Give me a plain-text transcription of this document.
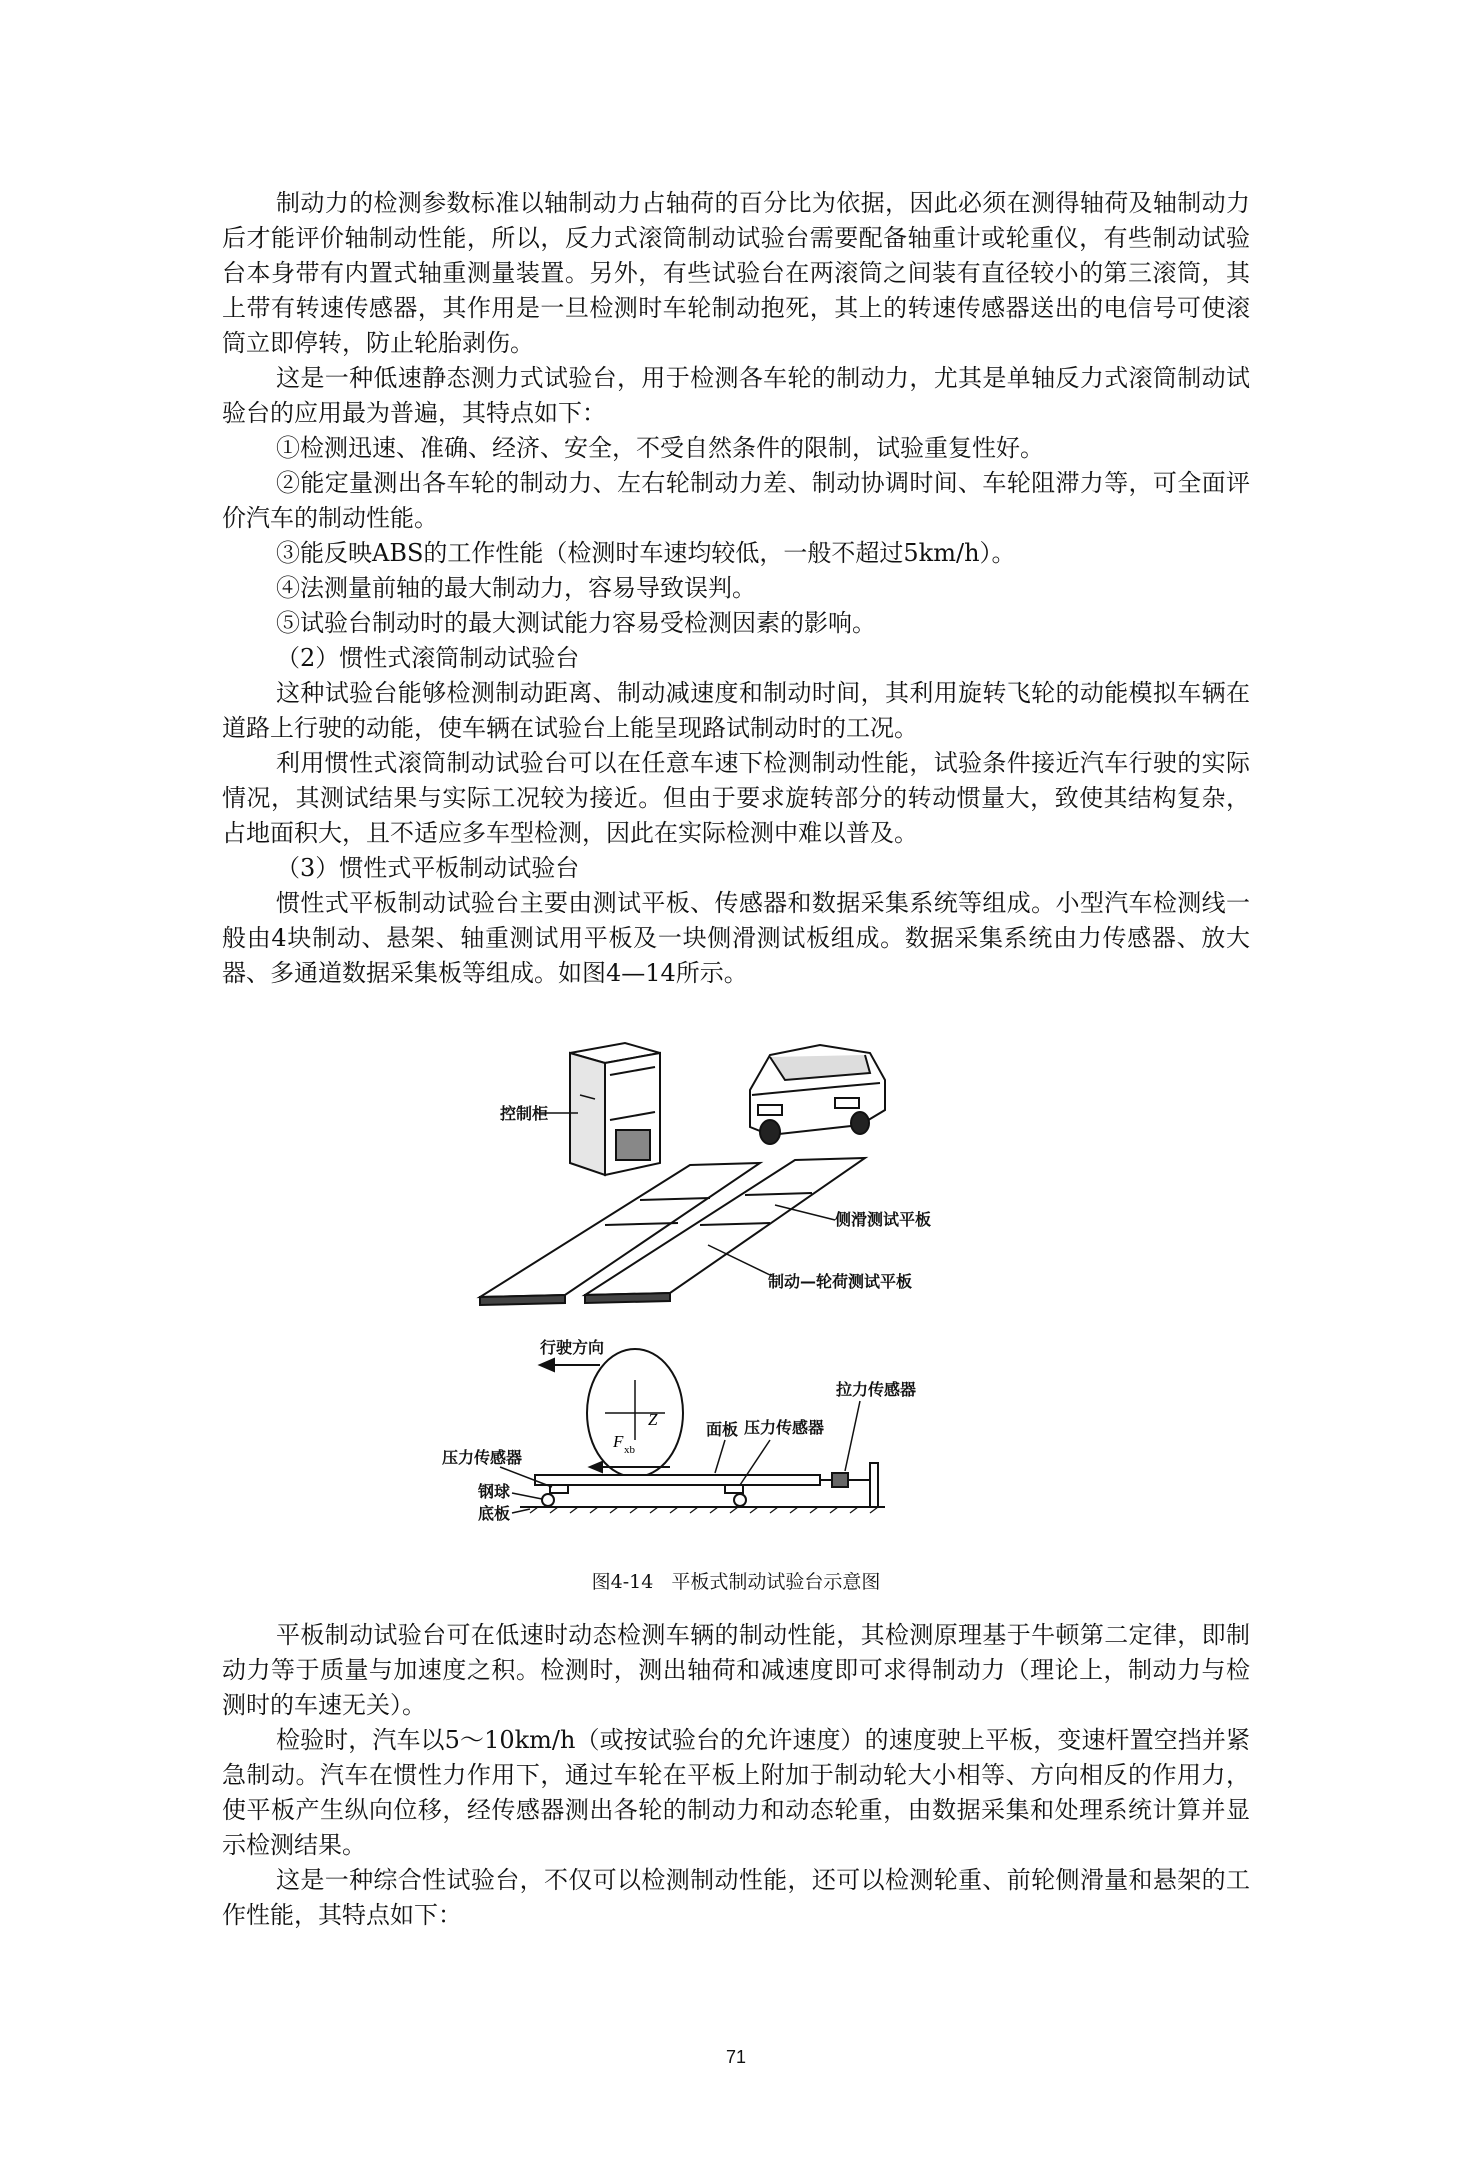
制动力的检测参数标准以轴制动力占轴荷的百分比为依据，因此必须在测得轴荷及轴制动力后才能评价轴制动性能，所以，反力式滚筒制动试验台需要配备轴重计或轮重仪，有些制动试验台本身带有内置式轴重测量装置。另外，有些试验台在两滚筒之间装有直径较小的第三滚筒，其上带有转速传感器，其作用是一旦检测时车轮制动抱死，其上的转速传感器送出的电信号可使滚筒立即停转，防止轮胎剥伤。

这是一种低速静态测力式试验台，用于检测各车轮的制动力，尤其是单轴反力式滚筒制动试验台的应用最为普遍，其特点如下：

①检测迅速、准确、经济、安全，不受自然条件的限制，试验重复性好。

②能定量测出各车轮的制动力、左右轮制动力差、制动协调时间、车轮阻滞力等，可全面评价汽车的制动性能。

③能反映ABS的工作性能（检测时车速均较低，一般不超过5km/h）。

④法测量前轴的最大制动力，容易导致误判。

⑤试验台制动时的最大测试能力容易受检测因素的影响。

（2）惯性式滚筒制动试验台

这种试验台能够检测制动距离、制动减速度和制动时间，其利用旋转飞轮的动能模拟车辆在道路上行驶的动能，使车辆在试验台上能呈现路试制动时的工况。

利用惯性式滚筒制动试验台可以在任意车速下检测制动性能，试验条件接近汽车行驶的实际情况，其测试结果与实际工况较为接近。但由于要求旋转部分的转动惯量大，致使其结构复杂，占地面积大，且不适应多车型检测，因此在实际检测中难以普及。

（3）惯性式平板制动试验台

惯性式平板制动试验台主要由测试平板、传感器和数据采集系统等组成。小型汽车检测线一般由4块制动、悬架、轴重测试用平板及一块侧滑测试板组成。数据采集系统由力传感器、放大器、多通道数据采集板等组成。如图4—14所示。

控制柜
侧滑测试平板
制动—轮荷测试平板
行驶方向
Z
F xb
拉力传感器
面板 压力传感器
压力传感器
钢球
底板
图4-14 平板式制动试验台示意图

平板制动试验台可在低速时动态检测车辆的制动性能，其检测原理基于牛顿第二定律，即制动力等于质量与加速度之积。检测时，测出轴荷和减速度即可求得制动力（理论上，制动力与检测时的车速无关）。

检验时，汽车以5～10km/h（或按试验台的允许速度）的速度驶上平板，变速杆置空挡并紧急制动。汽车在惯性力作用下，通过车轮在平板上附加于制动轮大小相等、方向相反的作用力，使平板产生纵向位移，经传感器测出各轮的制动力和动态轮重，由数据采集和处理系统计算并显示检测结果。

这是一种综合性试验台，不仅可以检测制动性能，还可以检测轮重、前轮侧滑量和悬架的工作性能，其特点如下：

71
